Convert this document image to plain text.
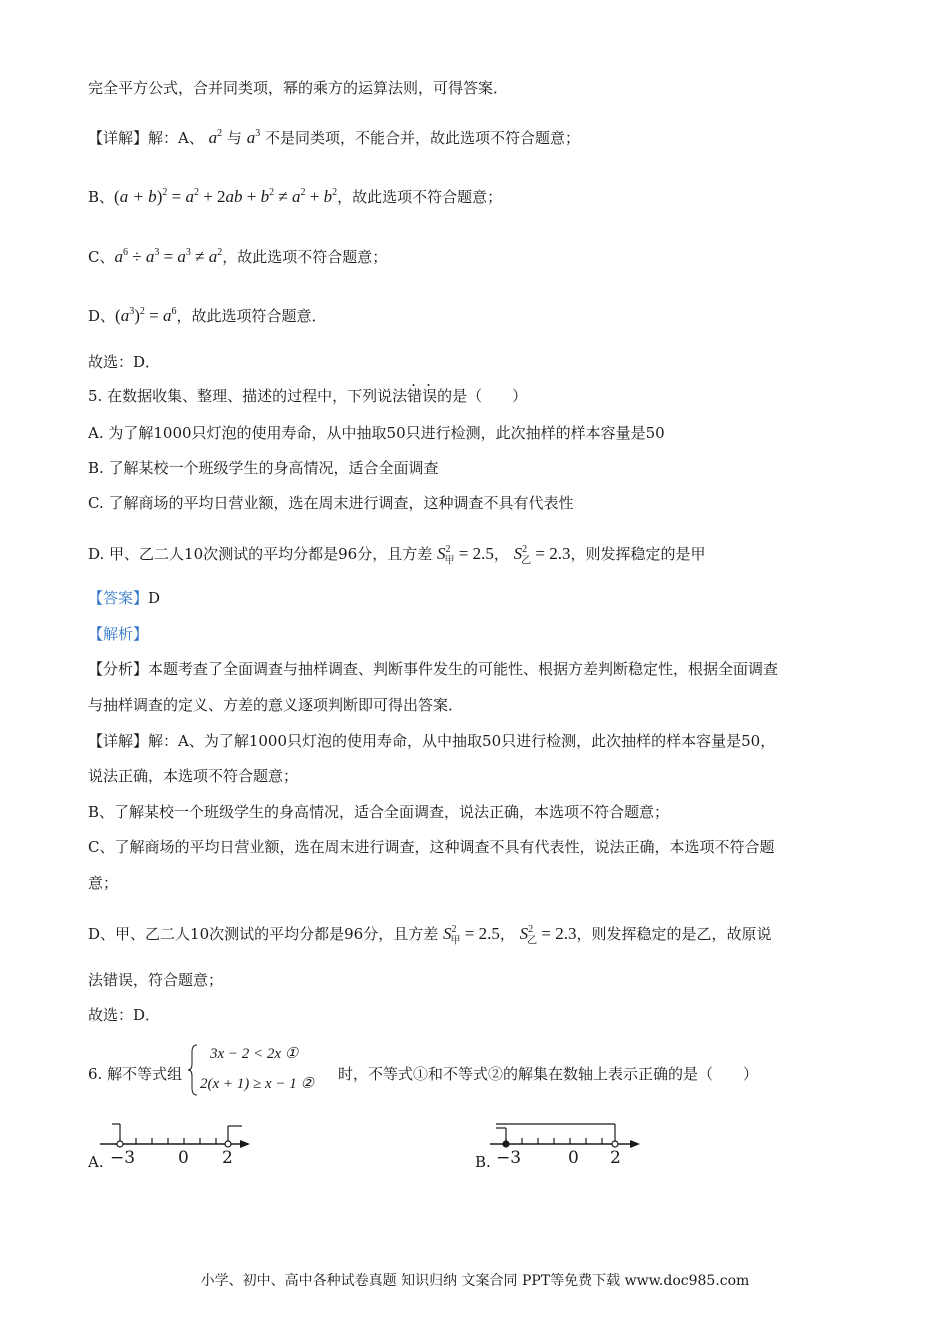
完全平方公式，合并同类项，幂的乘方的运算法则，可得答案．
【详解】解：A、 $a^2$ 与 $a^3$ 不是同类项，不能合并，故此选项不符合题意；
B、$(a + b)^2 = a^2 + 2ab + b^2 \ne a^2 + b^2$，故此选项不符合题意；
C、$a^6 \div a^3 = a^3 \ne a^2$，故此选项不符合题意；
D、$(a^3)^2 = a^6$，故此选项符合题意．
故选：D．
5. 在数据收集、整理、描述的过程中，下列说法错误的是（　　）
A. 为了解1000只灯泡的使用寿命，从中抽取50只进行检测，此次抽样的样本容量是50
B. 了解某校一个班级学生的身高情况，适合全面调查
C. 了解商场的平均日营业额，选在周末进行调查，这种调查不具有代表性
D. 甲、乙二人10次测试的平均分都是96分，且方差 $S^2_甲 = 2.5$， $S^2_乙 = 2.3$，则发挥稳定的是甲
【答案】D
【解析】
【分析】本题考查了全面调查与抽样调查、判断事件发生的可能性、根据方差判断稳定性，根据全面调查
与抽样调查的定义、方差的意义逐项判断即可得出答案．
【详解】解：A、为了解1000只灯泡的使用寿命，从中抽取50只进行检测，此次抽样的样本容量是50，
说法正确，本选项不符合题意；
B、了解某校一个班级学生的身高情况，适合全面调查，说法正确，本选项不符合题意；
C、了解商场的平均日营业额，选在周末进行调查，这种调查不具有代表性，说法正确，本选项不符合题
意；
D、甲、乙二人10次测试的平均分都是96分，且方差 $S^2_甲 = 2.5$， $S^2_乙 = 2.3$，则发挥稳定的是乙，故原说
法错误，符合题意；
故选：D．
6. 解不等式组
3x − 2 < 2x ①
2(x + 1) ≥ x − 1 ②
时，不等式①和不等式②的解集在数轴上表示正确的是（　　）
A. −3	0 2	B. −3	0 2
小学、初中、高中各种试卷真题 知识归纳 文案合同 PPT等免费下载 www.doc985.com
